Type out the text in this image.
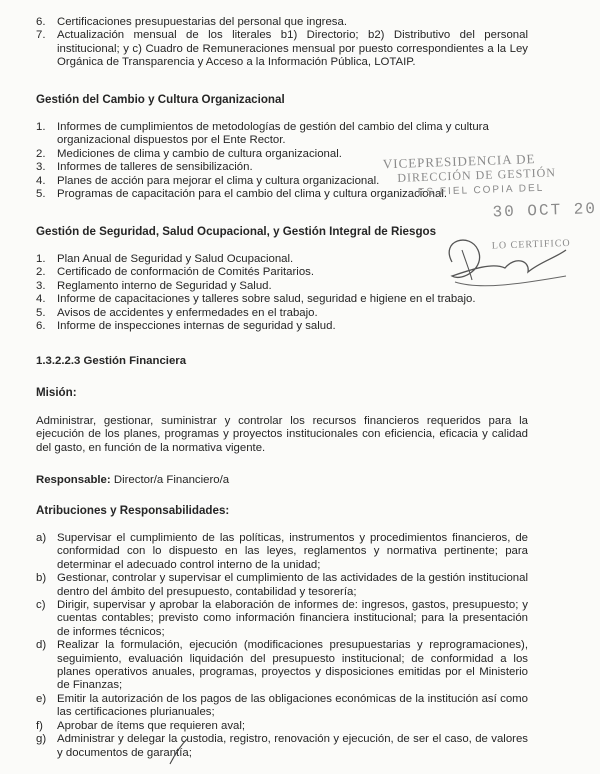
6. Certificaciones presupuestarias del personal que ingresa.
7. Actualización mensual de los literales b1) Directorio; b2) Distributivo del personal institucional; y c) Cuadro de Remuneraciones mensual por puesto correspondientes a la Ley Orgánica de Transparencia y Acceso a la Información Pública, LOTAIP.
Gestión del Cambio y Cultura Organizacional
1. Informes de cumplimientos de metodologías de gestión del cambio del clima y cultura organizacional dispuestos por el Ente Rector.
2. Mediciones de clima y cambio de cultura organizacional.
3. Informes de talleres de sensibilización.
4. Planes de acción para mejorar el clima y cultura organizacional.
5. Programas de capacitación para el cambio del clima y cultura organizacional.
Gestión de Seguridad, Salud Ocupacional, y Gestión Integral de Riesgos
1. Plan Anual de Seguridad y Salud Ocupacional.
2. Certificado de conformación de Comités Paritarios.
3. Reglamento interno de Seguridad y Salud.
4. Informe de capacitaciones y talleres sobre salud, seguridad e higiene en el trabajo.
5. Avisos de accidentes y enfermedades en el trabajo.
6. Informe de inspecciones internas de seguridad y salud.
1.3.2.2.3 Gestión Financiera
Misión:
Administrar, gestionar, suministrar y controlar los recursos financieros requeridos para la ejecución de los planes, programas y proyectos institucionales con eficiencia, eficacia y calidad del gasto, en función de la normativa vigente.
Responsable: Director/a Financiero/a
Atribuciones y Responsabilidades:
a) Supervisar el cumplimiento de las políticas, instrumentos y procedimientos financieros, de conformidad con lo dispuesto en las leyes, reglamentos y normativa pertinente; para determinar el adecuado control interno de la unidad;
b) Gestionar, controlar y supervisar el cumplimiento de las actividades de la gestión institucional dentro del ámbito del presupuesto, contabilidad y tesorería;
c) Dirigir, supervisar y aprobar la elaboración de informes de: ingresos, gastos, presupuesto; y cuentas contables; previsto como información financiera institucional; para la presentación de informes técnicos;
d) Realizar la formulación, ejecución (modificaciones presupuestarias y reprogramaciones), seguimiento, evaluación liquidación del presupuesto institucional; de conformidad a los planes operativos anuales, programas, proyectos y disposiciones emitidas por el Ministerio de Finanzas;
e) Emitir la autorización de los pagos de las obligaciones económicas de la institución así como las certificaciones plurianuales;
f) Aprobar de ítems que requieren aval;
g) Administrar y delegar la custodia, registro, renovación y ejecución, de ser el caso, de valores y documentos de garantía;
VICEPRESIDENCIA DE
DIRECCIÓN DE GESTIÓN
ES FIEL COPIA DEL
30 OCT 20
LO CERTIFICO
